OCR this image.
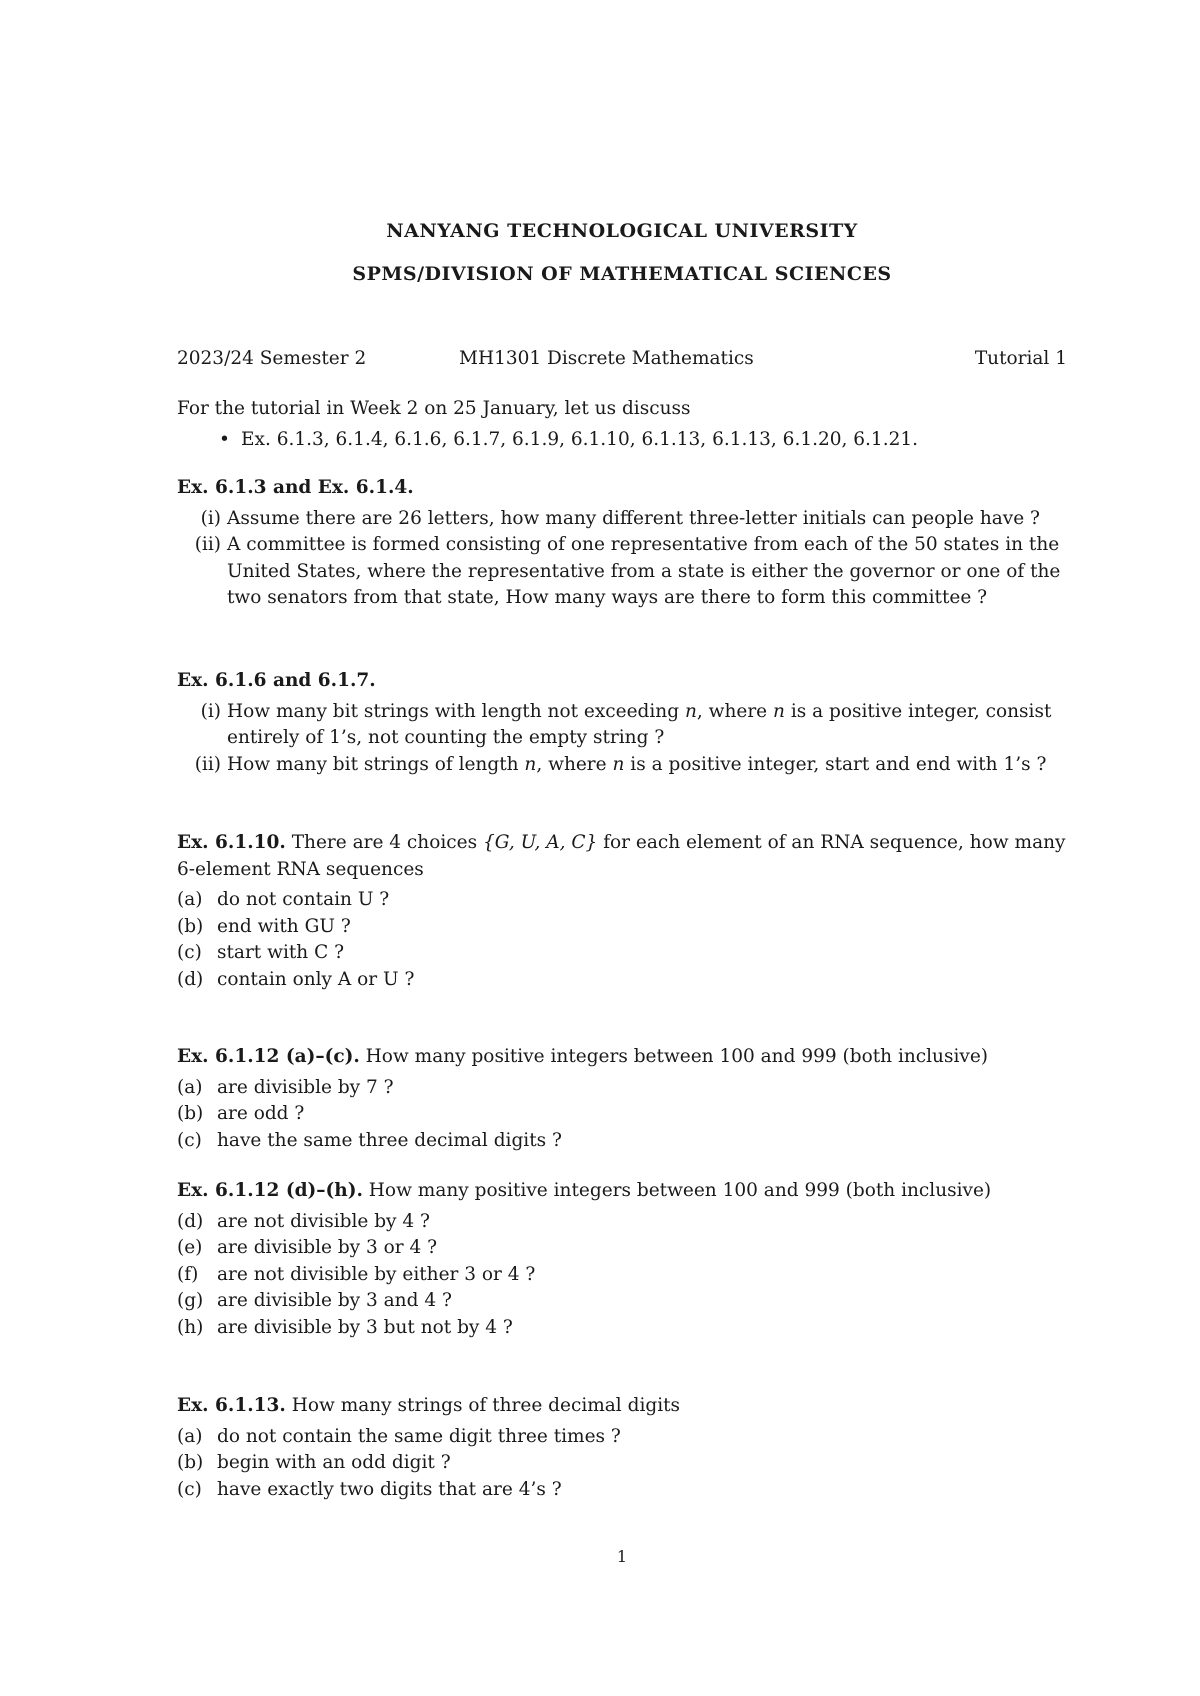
NANYANG TECHNOLOGICAL UNIVERSITY
SPMS/DIVISION OF MATHEMATICAL SCIENCES
2023/24 Semester 2	MH1301 Discrete Mathematics	Tutorial 1
For the tutorial in Week 2 on 25 January, let us discuss
• Ex. 6.1.3, 6.1.4, 6.1.6, 6.1.7, 6.1.9, 6.1.10, 6.1.13, 6.1.13, 6.1.20, 6.1.21.
Ex. 6.1.3 and Ex. 6.1.4.
(i) Assume there are 26 letters, how many different three-letter initials can people have ?
(ii) A committee is formed consisting of one representative from each of the 50 states in the United States, where the representative from a state is either the governor or one of the two senators from that state, How many ways are there to form this committee ?
Ex. 6.1.6 and 6.1.7.
(i) How many bit strings with length not exceeding n, where n is a positive integer, consist entirely of 1’s, not counting the empty string ?
(ii) How many bit strings of length n, where n is a positive integer, start and end with 1’s ?
Ex. 6.1.10. There are 4 choices {G, U, A, C} for each element of an RNA sequence, how many 6-element RNA sequences
(a) do not contain U ?
(b) end with GU ?
(c) start with C ?
(d) contain only A or U ?
Ex. 6.1.12 (a)–(c). How many positive integers between 100 and 999 (both inclusive)
(a) are divisible by 7 ?
(b) are odd ?
(c) have the same three decimal digits ?
Ex. 6.1.12 (d)–(h). How many positive integers between 100 and 999 (both inclusive)
(d) are not divisible by 4 ?
(e) are divisible by 3 or 4 ?
(f) are not divisible by either 3 or 4 ?
(g) are divisible by 3 and 4 ?
(h) are divisible by 3 but not by 4 ?
Ex. 6.1.13. How many strings of three decimal digits
(a) do not contain the same digit three times ?
(b) begin with an odd digit ?
(c) have exactly two digits that are 4’s ?
1
